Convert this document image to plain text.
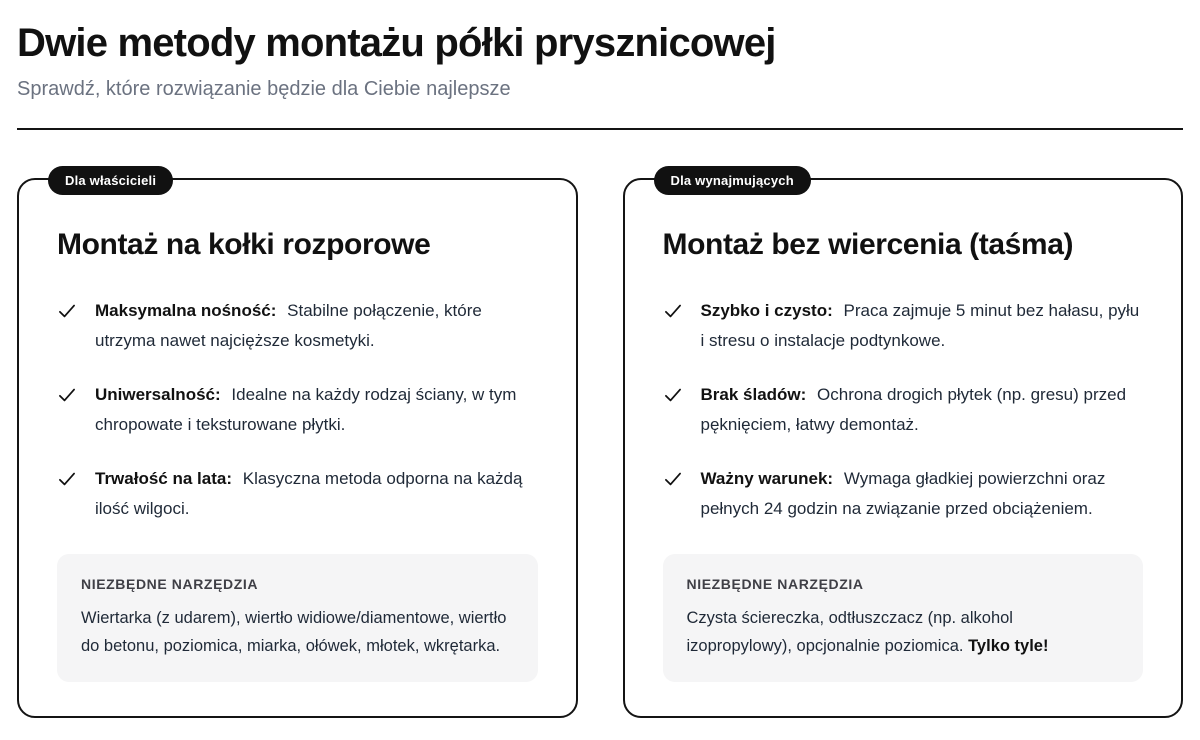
Dwie metody montażu półki prysznicowej

Sprawdź, które rozwiązanie będzie dla Ciebie najlepsze

Dla właścicieli
Montaż na kołki rozporowe

Maksymalna nośność: Stabilne połączenie, które utrzyma nawet najcięższe kosmetyki.

Uniwersalność: Idealne na każdy rodzaj ściany, w tym chropowate i teksturowane płytki.

Trwałość na lata: Klasyczna metoda odporna na każdą ilość wilgoci.

NIEZBĘDNE NARZĘDZIA

Wiertarka (z udarem), wiertło widiowe/diamentowe, wiertło do betonu, poziomica, miarka, ołówek, młotek, wkrętarka.

Dla wynajmujących
Montaż bez wiercenia (taśma)

Szybko i czysto: Praca zajmuje 5 minut bez hałasu, pyłu i stresu o instalacje podtynkowe.

Brak śladów: Ochrona drogich płytek (np. gresu) przed pęknięciem, łatwy demontaż.

Ważny warunek: Wymaga gładkiej powierzchni oraz pełnych 24 godzin na związanie przed obciążeniem.

NIEZBĘDNE NARZĘDZIA

Czysta ściereczka, odtłuszczacz (np. alkohol izopropylowy), opcjonalnie poziomica. Tylko tyle!
